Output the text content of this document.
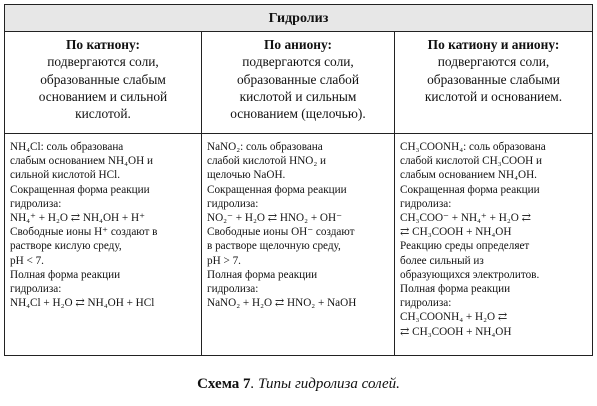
Гидролиз
По катнону:
подвергаются соли,
образованные слабым
основанием и сильной
кислотой.
По аниону:
подвергаются соли,
образованные слабой
кислотой и сильным
основанием (щелочью).
По катиону и аниону:
подвергаются соли,
образованные слабыми
кислотой и основанием.
NH₄Cl: соль образована
слабым основанием NH₄OH и
сильной кислотой HCl.
Сокращенная форма реакции
гидролиза:
NH₄⁺ + H₂O ⇄ NH₄OH + H⁺
Свободные ионы H⁺ создают в
растворе кислую среду,
pH < 7.
Полная форма реакции
гидролиза:
NH₄Cl + H₂O ⇄ NH₄OH + HCl
NaNO₂: соль образована
слабой кислотой HNO₂ и
щелочью NaOH.
Сокращенная форма реакции
гидролиза:
NO₂⁻ + H₂O ⇄ HNO₂ + OH⁻
Свободные ионы OH⁻ создают
в растворе щелочную среду,
pH > 7.
Полная форма реакции
гидролиза:
NaNO₂ + H₂O ⇄ HNO₂ + NaOH
CH₃COONH₄: соль образована
слабой кислотой CH₃COOH и
слабым основанием NH₄OH.
Сокращенная форма реакции
гидролиза:
CH₃COO⁻ + NH₄⁺ + H₂O ⇄
⇄ CH₃COOH + NH₄OH
Реакцию среды определяет
более сильный из
образующихся электролитов.
Полная форма реакции
гидролиза:
CH₃COONH₄ + H₂O ⇄
⇄ CH₃COOH + NH₄OH
Схема 7. Типы гидролиза солей.
